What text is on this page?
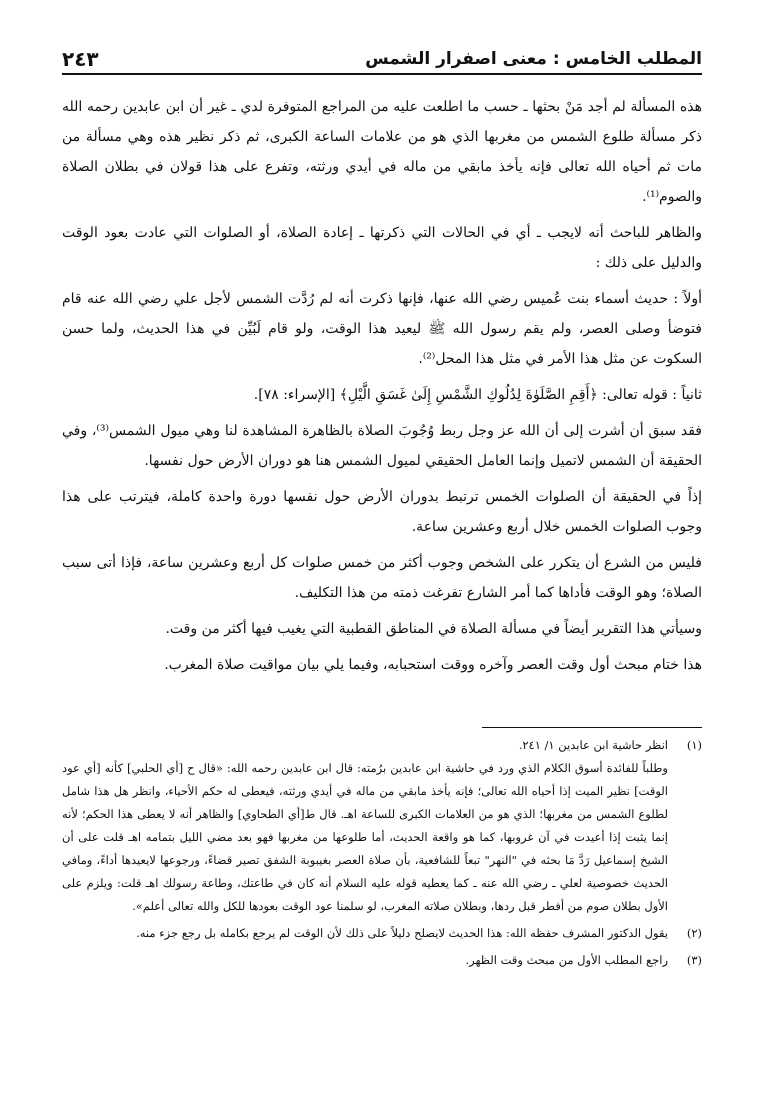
المطلب الخامس : معنى اصفرار الشمس
٢٤٣

هذه المسألة لم أجد مَنْ بحثها ـ حسب ما اطلعت عليه من المراجع المتوفرة لدي ـ غير أن ابن عابدين رحمه الله ذكر مسألة طلوع الشمس من مغربها الذي هو من علامات الساعة الكبرى، ثم ذكر نظير هذه وهي مسألة من مات ثم أحياه الله تعالى فإنه يأخذ مابقي من ماله في أيدي ورثته، وتفرع على هذا قولان في بطلان الصلاة والصوم⁽¹⁾.

والظاهر للباحث أنه لايجب ـ أي في الحالات التي ذكرتها ـ إعادة الصلاة، أو الصلوات التي عادت بعود الوقت والدليل على ذلك :

أولاً : حديث أسماء بنت عُميس رضي الله عنها، فإنها ذكرت أنه لم رُدَّت الشمس لأجل علي رضي الله عنه قام فتوضأ وصلى العصر، ولم يقم رسول الله ﷺ ليعيد هذا الوقت، ولو قام لَبُيِّن في هذا الحديث، ولما حسن السكوت عن مثل هذا الأمر في مثل هذا المحل⁽²⁾.

ثانياً : قوله تعالى: ﴿أَقِمِ الصَّلَوٰةَ لِدُلُوكِ الشَّمْسِ إِلَىٰ غَسَقِ الَّيْلِ﴾ [الإسراء: ٧٨].

فقد سبق أن أشرت إلى أن الله عز وجل ربط وُجُوبَ الصلاة بالظاهرة المشاهدة لنا وهي ميول الشمس⁽³⁾، وفي الحقيقة أن الشمس لاتميل وإنما العامل الحقيقي لميول الشمس هنا هو دوران الأرض حول نفسها.

إذاً في الحقيقة أن الصلوات الخمس ترتبط بدوران الأرض حول نفسها دورة واحدة كاملة، فيترتب على هذا وجوب الصلوات الخمس خلال أربع وعشرين ساعة.

فليس من الشرع أن يتكرر على الشخص وجوب أكثر من خمس صلوات كل أربع وعشرين ساعة، فإذا أتى سبب الصلاة؛ وهو الوقت فأداها كما أمر الشارع تفرغت ذمته من هذا التكليف.

وسيأتي هذا التقرير أيضاً في مسألة الصلاة في المناطق القطبية التي يغيب فيها أكثر من وقت.

هذا ختام مبحث أول وقت العصر وآخره ووقت استحبابه، وفيما يلي بيان مواقيت صلاة المغرب.

(١)
انظر حاشية ابن عابدين ١/ ٢٤١.
وطلباً للفائدة أسوق الكلام الذي ورد في حاشية ابن عابدين برُمته: قال ابن عابدين رحمه الله: «قال ح [أي الحلبي] كأنه [أي عود الوقت] نظير الميت إذا أحياه الله تعالى؛ فإنه يأخذ مابقي من ماله في أيدي ورثته، فيعطى له حكم الأحياء، وانظر هل هذا شامل لطلوع الشمس من مغربها؛ الذي هو من العلامات الكبرى للساعة اهـ. قال ط[أي الطحاوي] والظاهر أنه لا يعطى هذا الحكم؛ لأنه إنما يثبت إذا أعيدت في آن غروبها، كما هو واقعة الحديث، أما طلوعها من مغربها فهو بعد مضي الليل بتمامه اهـ قلت على أن الشيخ إسماعيل رَدَّ مَا بحثه في "النهر" تبعاً للشافعية، بأن صلاة العصر بغيبوبة الشفق تصير قضاءً، ورجوعها لايعيدها أداءً، ومافي الحديث خصوصية لعلي ـ رضي الله عنه ـ كما يعطيه قوله عليه السلام أنه كان في طاعتك، وطاعة رسولك اهـ قلت: ويلزم على الأول بطلان صوم من أفطر قبل ردها، وبطلان صلاته المغرب، لو سلمنا عود الوقت بعودها للكل والله تعالى أعلم».
(٢)
يقول الدكتور المشرف حفظه الله: هذا الحديث لايصلح دليلاً على ذلك لأن الوقت لم يرجع بكامله بل رجع جزء منه.
(٣)
راجع المطلب الأول من مبحث وقت الظهر.
